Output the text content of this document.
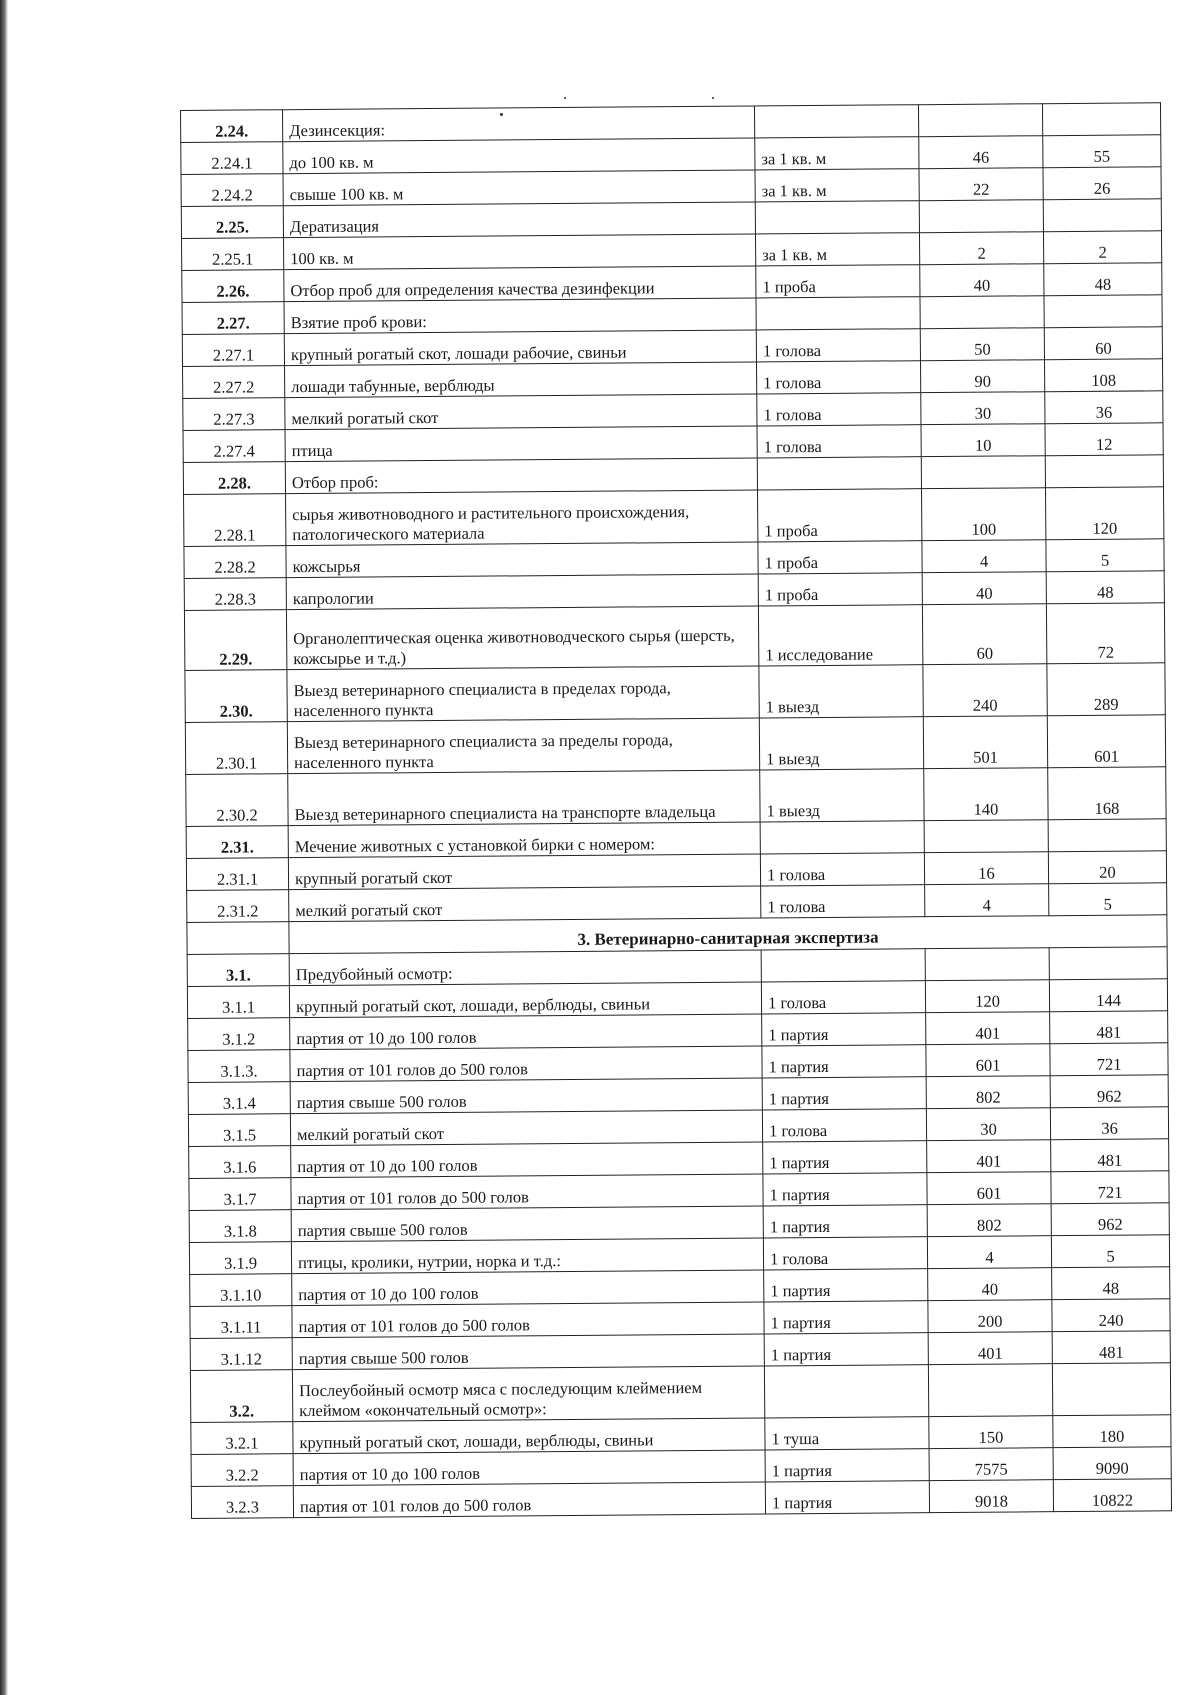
2.24.	Дезинсекция:			
2.24.1	до 100 кв. м	за 1 кв. м	46	55
2.24.2	свыше 100 кв. м	за 1 кв. м	22	26
2.25.	Дератизация			
2.25.1	100 кв. м	за 1 кв. м	2	2
2.26.	Отбор проб для определения качества дезинфекции	1 проба	40	48
2.27.	Взятие проб крови:			
2.27.1	крупный рогатый скот, лошади рабочие, свиньи	1 голова	50	60
2.27.2	лошади табунные, верблюды	1 голова	90	108
2.27.3	мелкий рогатый скот	1 голова	30	36
2.27.4	птица	1 голова	10	12
2.28.	Отбор проб:			
2.28.1	сырья животноводного и растительного происхождения, патологического материала	1 проба	100	120
2.28.2	кожсырья	1 проба	4	5
2.28.3	капрологии	1 проба	40	48
2.29.	Органолептическая оценка животноводческого сырья (шерсть, кожсырье и т.д.)	1 исследование	60	72
2.30.	Выезд ветеринарного специалиста в пределах города, населенного пункта	1 выезд	240	289
2.30.1	Выезд ветеринарного специалиста за пределы города, населенного пункта	1 выезд	501	601
2.30.2	Выезд ветеринарного специалиста на транспорте владельца	1 выезд	140	168
2.31.	Мечение животных с установкой бирки с номером:			
2.31.1	крупный рогатый скот	1 голова	16	20
2.31.2	мелкий рогатый скот	1 голова	4	5
	3. Ветеринарно-санитарная экспертиза			
3.1.	Предубойный осмотр:			
3.1.1	крупный рогатый скот, лошади, верблюды, свиньи	1 голова	120	144
3.1.2	партия от 10 до 100 голов	1 партия	401	481
3.1.3.	партия от 101 голов до 500 голов	1 партия	601	721
3.1.4	партия свыше 500 голов	1 партия	802	962
3.1.5	мелкий рогатый скот	1 голова	30	36
3.1.6	партия от 10 до 100 голов	1 партия	401	481
3.1.7	партия от 101 голов до 500 голов	1 партия	601	721
3.1.8	партия свыше 500 голов	1 партия	802	962
3.1.9	птицы, кролики, нутрии, норка и т.д.:	1 голова	4	5
3.1.10	партия от 10 до 100 голов	1 партия	40	48
3.1.11	партия от 101 голов до 500 голов	1 партия	200	240
3.1.12	партия свыше 500 голов	1 партия	401	481
3.2.	Послеубойный осмотр мяса с последующим клеймением клеймом «окончательный осмотр»:			
3.2.1	крупный рогатый скот, лошади, верблюды, свиньи	1 туша	150	180
3.2.2	партия от 10 до 100 голов	1 партия	7575	9090
3.2.3	партия от 101 голов до 500 голов	1 партия	9018	10822
